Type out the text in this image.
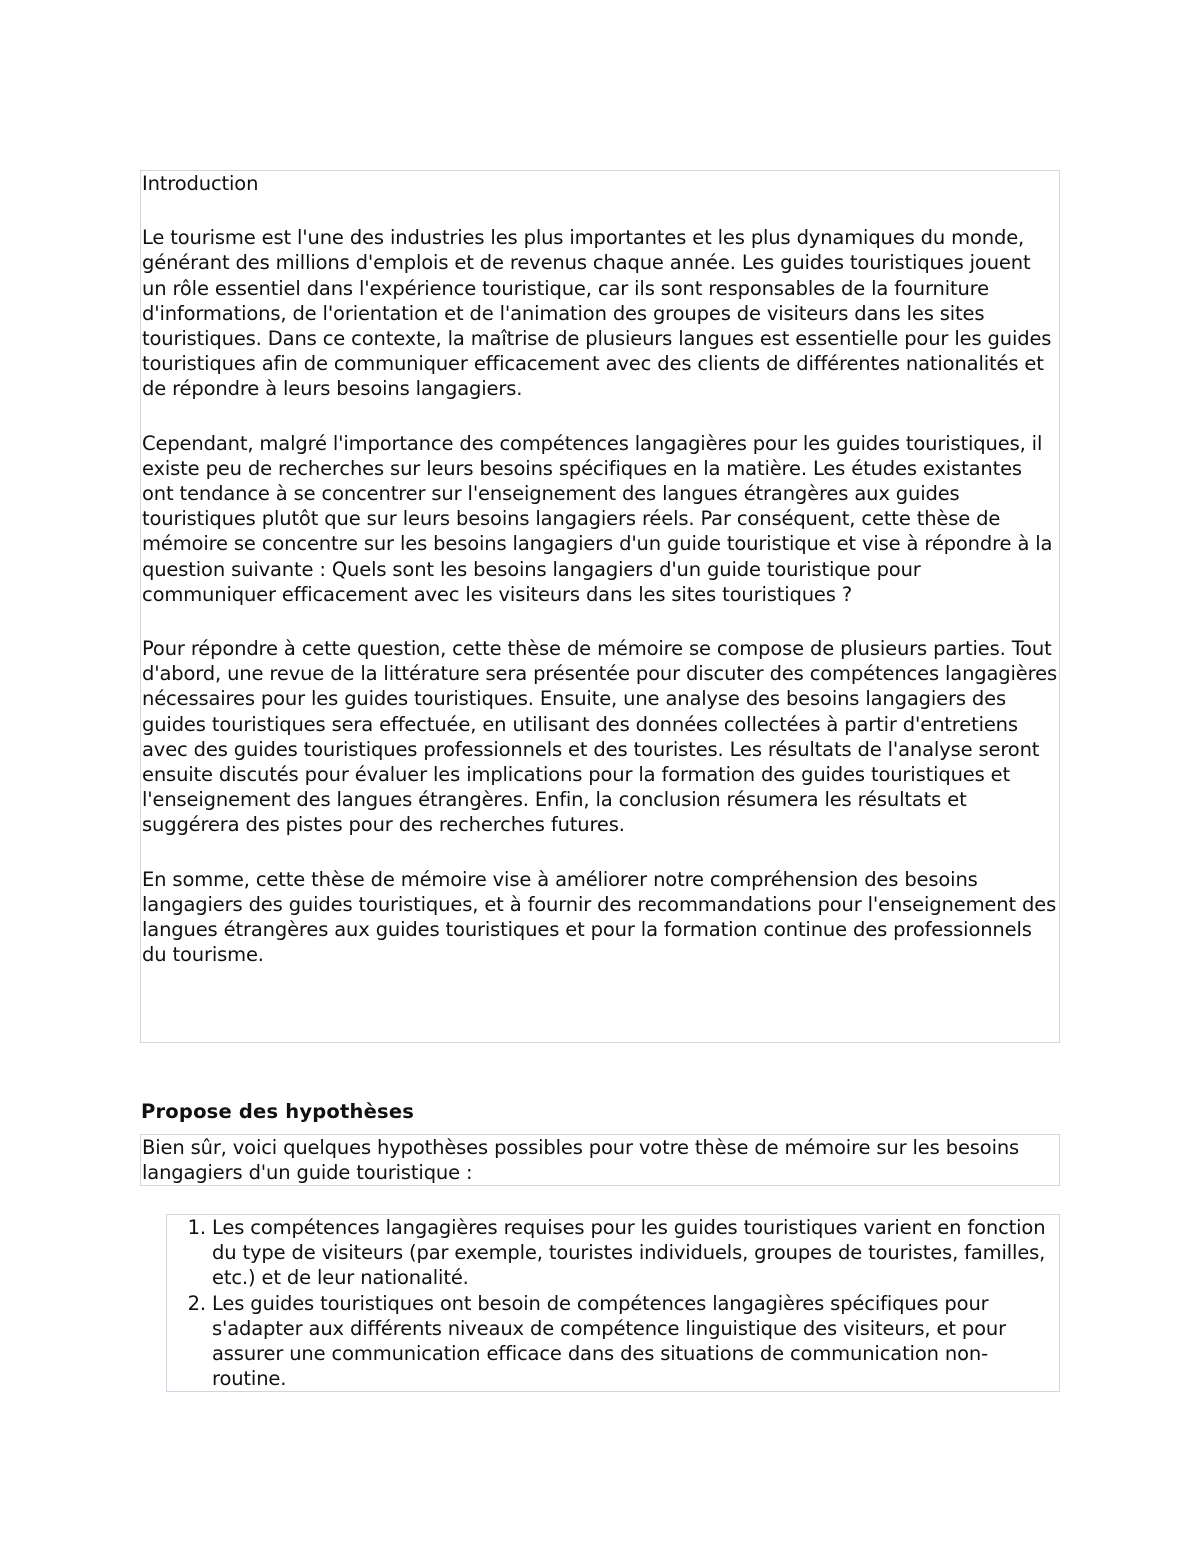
Introduction

Le tourisme est l'une des industries les plus importantes et les plus dynamiques du monde, générant des millions d'emplois et de revenus chaque année. Les guides touristiques jouent un rôle essentiel dans l'expérience touristique, car ils sont responsables de la fourniture d'informations, de l'orientation et de l'animation des groupes de visiteurs dans les sites touristiques. Dans ce contexte, la maîtrise de plusieurs langues est essentielle pour les guides touristiques afin de communiquer efficacement avec des clients de différentes nationalités et de répondre à leurs besoins langagiers.

Cependant, malgré l'importance des compétences langagières pour les guides touristiques, il existe peu de recherches sur leurs besoins spécifiques en la matière. Les études existantes ont tendance à se concentrer sur l'enseignement des langues étrangères aux guides touristiques plutôt que sur leurs besoins langagiers réels. Par conséquent, cette thèse de mémoire se concentre sur les besoins langagiers d'un guide touristique et vise à répondre à la question suivante : Quels sont les besoins langagiers d'un guide touristique pour communiquer efficacement avec les visiteurs dans les sites touristiques ?

Pour répondre à cette question, cette thèse de mémoire se compose de plusieurs parties. Tout d'abord, une revue de la littérature sera présentée pour discuter des compétences langagières nécessaires pour les guides touristiques. Ensuite, une analyse des besoins langagiers des guides touristiques sera effectuée, en utilisant des données collectées à partir d'entretiens avec des guides touristiques professionnels et des touristes. Les résultats de l'analyse seront ensuite discutés pour évaluer les implications pour la formation des guides touristiques et l'enseignement des langues étrangères. Enfin, la conclusion résumera les résultats et suggérera des pistes pour des recherches futures.

En somme, cette thèse de mémoire vise à améliorer notre compréhension des besoins langagiers des guides touristiques, et à fournir des recommandations pour l'enseignement des langues étrangères aux guides touristiques et pour la formation continue des professionnels du tourisme.

Propose des hypothèses

Bien sûr, voici quelques hypothèses possibles pour votre thèse de mémoire sur les besoins langagiers d'un guide touristique :

1. Les compétences langagières requises pour les guides touristiques varient en fonction du type de visiteurs (par exemple, touristes individuels, groupes de touristes, familles, etc.) et de leur nationalité.
2. Les guides touristiques ont besoin de compétences langagières spécifiques pour s'adapter aux différents niveaux de compétence linguistique des visiteurs, et pour assurer une communication efficace dans des situations de communication non-routine.
